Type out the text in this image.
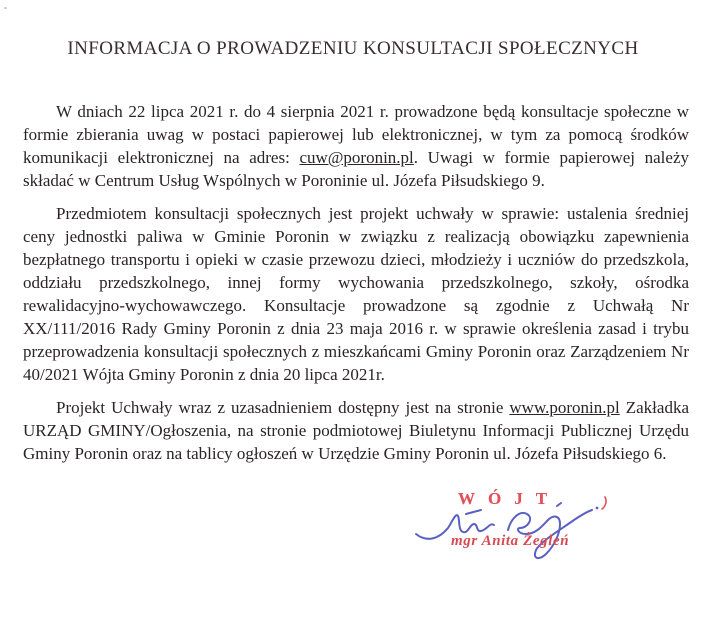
INFORMACJA O PROWADZENIU KONSULTACJI SPOŁECZNYCH

W dniach 22 lipca 2021 r. do 4 sierpnia 2021 r. prowadzone będą konsultacje społeczne w formie zbierania uwag w postaci papierowej lub elektronicznej, w tym za pomocą środków komunikacji elektronicznej na adres: cuw@poronin.pl. Uwagi w formie papierowej należy składać w Centrum Usług Wspólnych w Poroninie ul. Józefa Piłsudskiego 9.

Przedmiotem konsultacji społecznych jest projekt uchwały w sprawie: ustalenia średniej ceny jednostki paliwa w Gminie Poronin w związku z realizacją obowiązku zapewnienia bezpłatnego transportu i opieki w czasie przewozu dzieci, młodzieży i uczniów do przedszkola, oddziału przedszkolnego, innej formy wychowania przedszkolnego, szkoły, ośrodka rewalidacyjno-wychowawczego. Konsultacje prowadzone są zgodnie z Uchwałą Nr XX/111/2016 Rady Gminy Poronin z dnia 23 maja 2016 r. w sprawie określenia zasad i trybu przeprowadzenia konsultacji społecznych z mieszkańcami Gminy Poronin oraz Zarządzeniem Nr 40/2021 Wójta Gminy Poronin z dnia 20 lipca 2021r.

Projekt Uchwały wraz z uzasadnieniem dostępny jest na stronie www.poronin.pl Zakładka URZĄD GMINY/Ogłoszenia, na stronie podmiotowej Biuletynu Informacji Publicznej Urzędu Gminy Poronin oraz na tablicy ogłoszeń w Urzędzie Gminy Poronin ul. Józefa Piłsudskiego 6.

WÓJT
mgr Anita Żegleń
